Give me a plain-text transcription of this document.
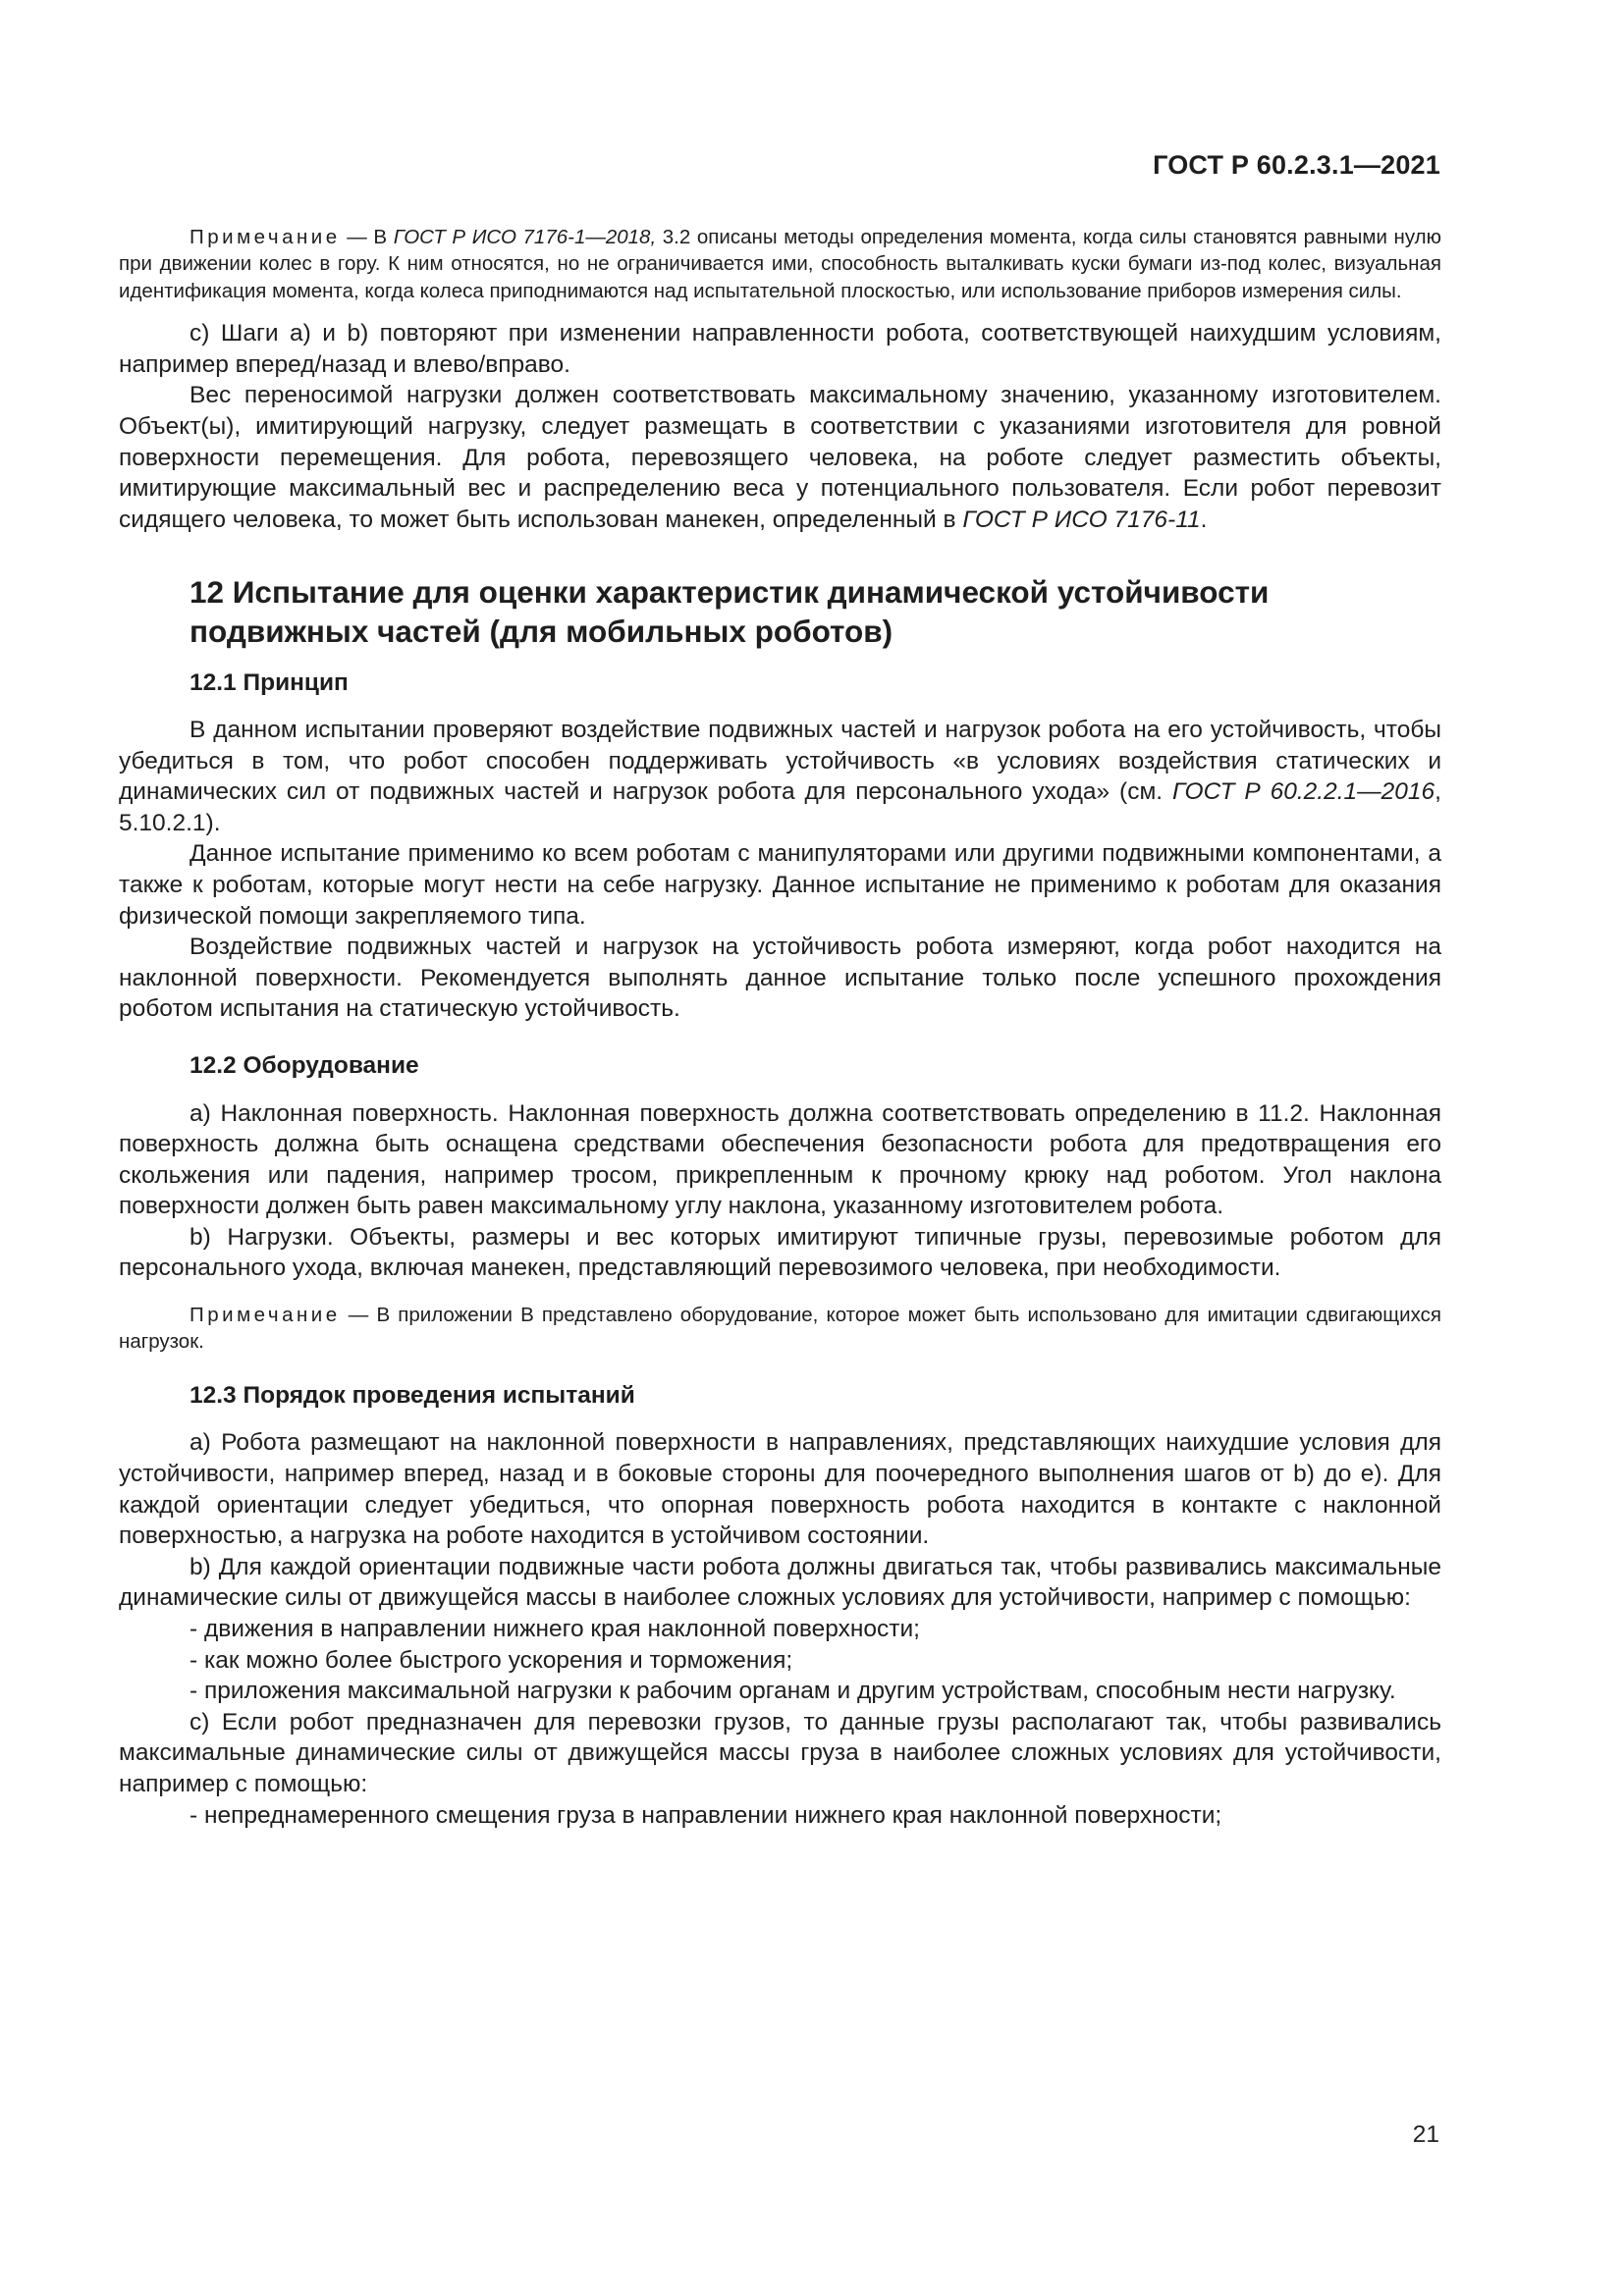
ГОСТ Р 60.2.3.1—2021

Примечание — В ГОСТ Р ИСО 7176-1—2018, 3.2 описаны методы определения момента, когда силы становятся равными нулю при движении колес в гору. К ним относятся, но не ограничивается ими, способность выталкивать куски бумаги из-под колес, визуальная идентификация момента, когда колеса приподнимаются над испытательной плоскостью, или использование приборов измерения силы.

c) Шаги а) и b) повторяют при изменении направленности робота, соответствующей наихудшим условиям, например вперед/назад и влево/вправо.

Вес переносимой нагрузки должен соответствовать максимальному значению, указанному изготовителем. Объект(ы), имитирующий нагрузку, следует размещать в соответствии с указаниями изготовителя для ровной поверхности перемещения. Для робота, перевозящего человека, на роботе следует разместить объекты, имитирующие максимальный вес и распределению веса у потенциального пользователя. Если робот перевозит сидящего человека, то может быть использован манекен, определенный в ГОСТ Р ИСО 7176-11.

12 Испытание для оценки характеристик динамической устойчивости подвижных частей (для мобильных роботов)
12.1 Принцип

В данном испытании проверяют воздействие подвижных частей и нагрузок робота на его устойчивость, чтобы убедиться в том, что робот способен поддерживать устойчивость «в условиях воздействия статических и динамических сил от подвижных частей и нагрузок робота для персонального ухода» (см. ГОСТ Р 60.2.2.1—2016, 5.10.2.1).

Данное испытание применимо ко всем роботам с манипуляторами или другими подвижными компонентами, а также к роботам, которые могут нести на себе нагрузку. Данное испытание не применимо к роботам для оказания физической помощи закрепляемого типа.

Воздействие подвижных частей и нагрузок на устойчивость робота измеряют, когда робот находится на наклонной поверхности. Рекомендуется выполнять данное испытание только после успешного прохождения роботом испытания на статическую устойчивость.

12.2 Оборудование

а) Наклонная поверхность. Наклонная поверхность должна соответствовать определению в 11.2. Наклонная поверхность должна быть оснащена средствами обеспечения безопасности робота для предотвращения его скольжения или падения, например тросом, прикрепленным к прочному крюку над роботом. Угол наклона поверхности должен быть равен максимальному углу наклона, указанному изготовителем робота.

b) Нагрузки. Объекты, размеры и вес которых имитируют типичные грузы, перевозимые роботом для персонального ухода, включая манекен, представляющий перевозимого человека, при необходимости.

Примечание — В приложении В представлено оборудование, которое может быть использовано для имитации сдвигающихся нагрузок.

12.3 Порядок проведения испытаний

а) Робота размещают на наклонной поверхности в направлениях, представляющих наихудшие условия для устойчивости, например вперед, назад и в боковые стороны для поочередного выполнения шагов от b) до е). Для каждой ориентации следует убедиться, что опорная поверхность робота находится в контакте с наклонной поверхностью, а нагрузка на роботе находится в устойчивом состоянии.

b) Для каждой ориентации подвижные части робота должны двигаться так, чтобы развивались максимальные динамические силы от движущейся массы в наиболее сложных условиях для устойчивости, например с помощью:

- движения в направлении нижнего края наклонной поверхности;

- как можно более быстрого ускорения и торможения;

- приложения максимальной нагрузки к рабочим органам и другим устройствам, способным нести нагрузку.

c) Если робот предназначен для перевозки грузов, то данные грузы располагают так, чтобы развивались максимальные динамические силы от движущейся массы груза в наиболее сложных условиях для устойчивости, например с помощью:

- непреднамеренного смещения груза в направлении нижнего края наклонной поверхности;

21
